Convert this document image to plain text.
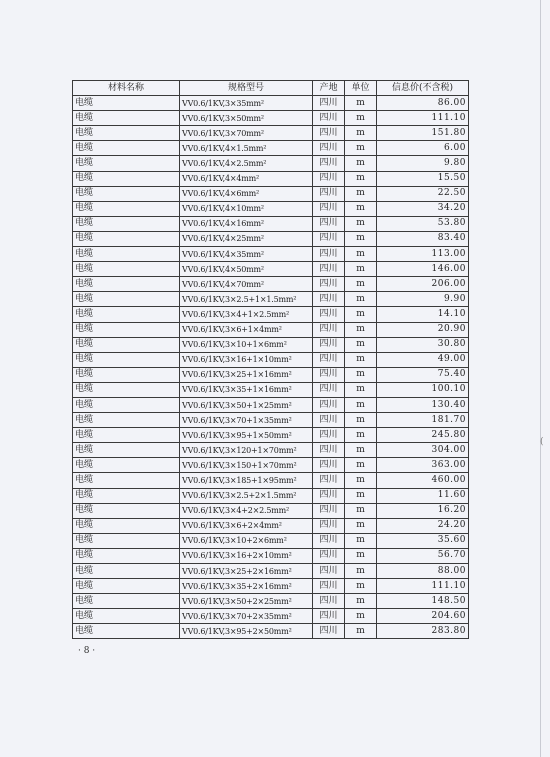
材料名称	规格型号	产地	单位	信息价(不含税)
电缆	VV0.6/1KV,3×35mm²	四川	m	86.00
电缆	VV0.6/1KV,3×50mm²	四川	m	111.10
电缆	VV0.6/1KV,3×70mm²	四川	m	151.80
电缆	VV0.6/1KV,4×1.5mm²	四川	m	6.00
电缆	VV0.6/1KV,4×2.5mm²	四川	m	9.80
电缆	VV0.6/1KV,4×4mm²	四川	m	15.50
电缆	VV0.6/1KV,4×6mm²	四川	m	22.50
电缆	VV0.6/1KV,4×10mm²	四川	m	34.20
电缆	VV0.6/1KV,4×16mm²	四川	m	53.80
电缆	VV0.6/1KV,4×25mm²	四川	m	83.40
电缆	VV0.6/1KV,4×35mm²	四川	m	113.00
电缆	VV0.6/1KV,4×50mm²	四川	m	146.00
电缆	VV0.6/1KV,4×70mm²	四川	m	206.00
电缆	VV0.6/1KV,3×2.5+1×1.5mm²	四川	m	9.90
电缆	VV0.6/1KV,3×4+1×2.5mm²	四川	m	14.10
电缆	VV0.6/1KV,3×6+1×4mm²	四川	m	20.90
电缆	VV0.6/1KV,3×10+1×6mm²	四川	m	30.80
电缆	VV0.6/1KV,3×16+1×10mm²	四川	m	49.00
电缆	VV0.6/1KV,3×25+1×16mm²	四川	m	75.40
电缆	VV0.6/1KV,3×35+1×16mm²	四川	m	100.10
电缆	VV0.6/1KV,3×50+1×25mm²	四川	m	130.40
电缆	VV0.6/1KV,3×70+1×35mm²	四川	m	181.70
电缆	VV0.6/1KV,3×95+1×50mm²	四川	m	245.80
电缆	VV0.6/1KV,3×120+1×70mm²	四川	m	304.00
电缆	VV0.6/1KV,3×150+1×70mm²	四川	m	363.00
电缆	VV0.6/1KV,3×185+1×95mm²	四川	m	460.00
电缆	VV0.6/1KV,3×2.5+2×1.5mm²	四川	m	11.60
电缆	VV0.6/1KV,3×4+2×2.5mm²	四川	m	16.20
电缆	VV0.6/1KV,3×6+2×4mm²	四川	m	24.20
电缆	VV0.6/1KV,3×10+2×6mm²	四川	m	35.60
电缆	VV0.6/1KV,3×16+2×10mm²	四川	m	56.70
电缆	VV0.6/1KV,3×25+2×16mm²	四川	m	88.00
电缆	VV0.6/1KV,3×35+2×16mm²	四川	m	111.10
电缆	VV0.6/1KV,3×50+2×25mm²	四川	m	148.50
电缆	VV0.6/1KV,3×70+2×35mm²	四川	m	204.60
电缆	VV0.6/1KV,3×95+2×50mm²	四川	m	283.80
· 8 ·
(
